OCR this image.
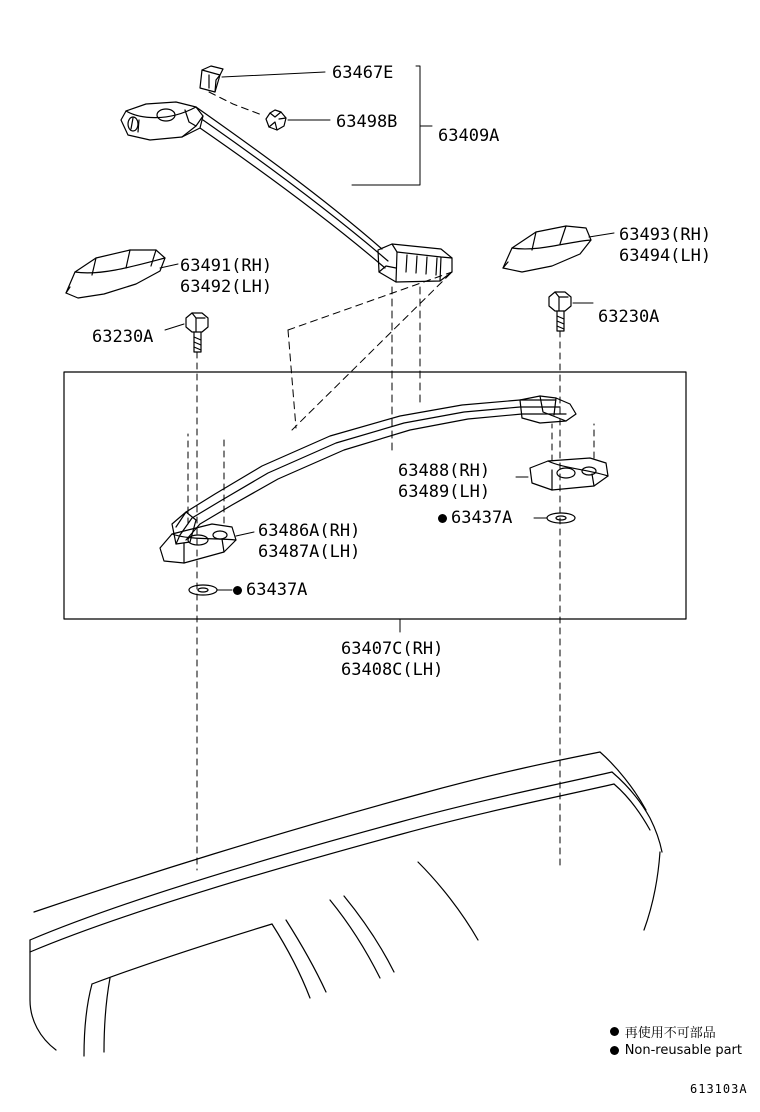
63467E
63498B
63409A
63493(RH)
63494(LH)
63491(RH)
63492(LH)
63230A
63230A
63488(RH)
63489(LH)
63437A
63486A(RH)
63487A(LH)
63437A
63407C(RH)
63408C(LH)
再使用不可部品
Non-reusable part
613103A
